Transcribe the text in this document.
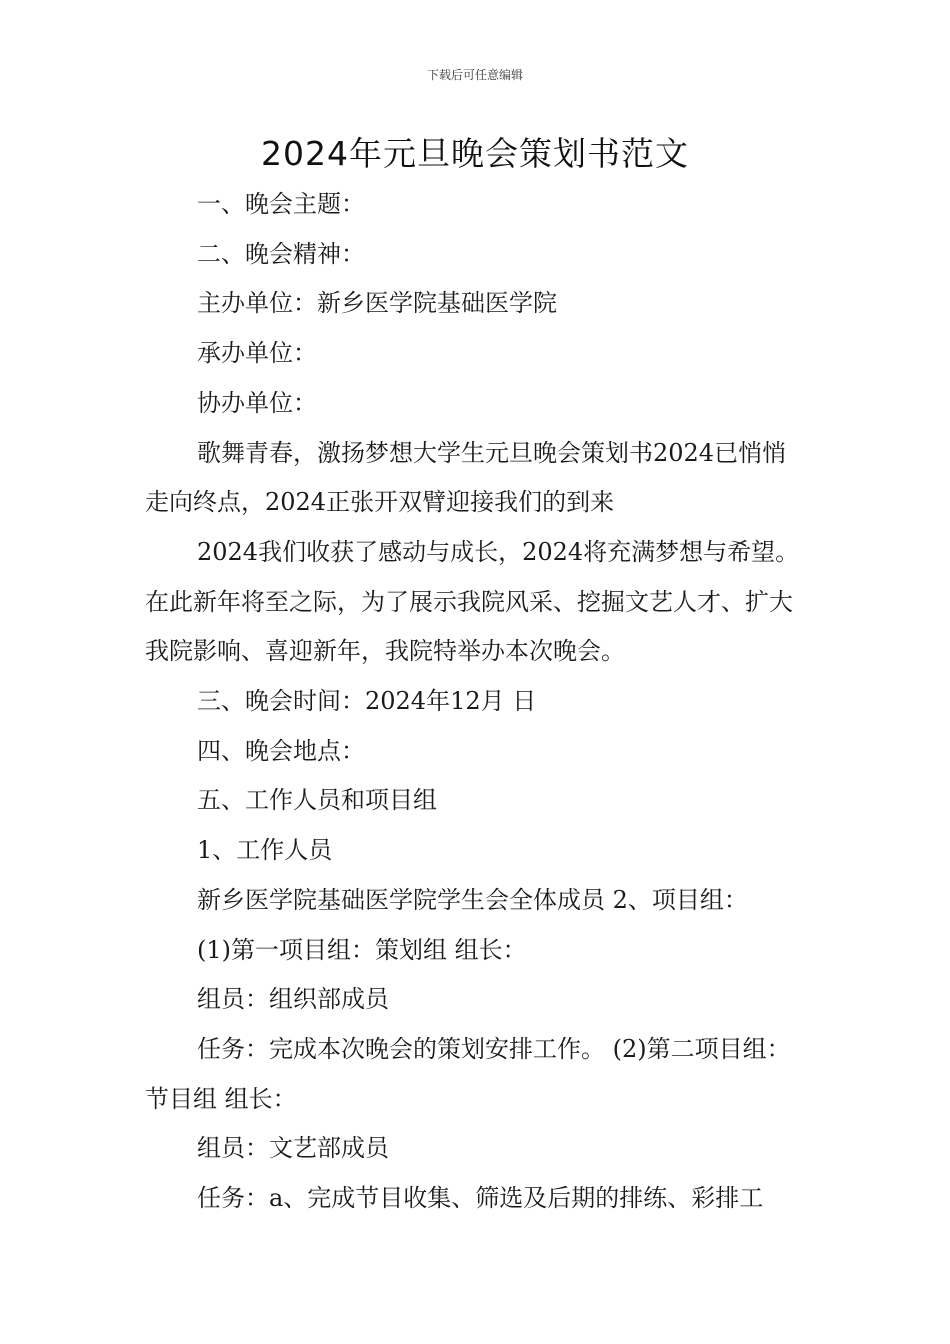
下载后可任意编辑
2024年元旦晚会策划书范文

一、晚会主题：

二、晚会精神：

主办单位：新乡医学院基础医学院

承办单位：

协办单位：

歌舞青春，激扬梦想大学生元旦晚会策划书2024已悄悄走向终点，2024正张开双臂迎接我们的到来

2024我们收获了感动与成长，2024将充满梦想与希望。在此新年将至之际，为了展示我院风采、挖掘文艺人才、扩大我院影响、喜迎新年，我院特举办本次晚会。

三、晚会时间：2024年12月 日

四、晚会地点：

五、工作人员和项目组

1、工作人员

新乡医学院基础医学院学生会全体成员 2、项目组：

(1)第一项目组：策划组 组长：

组员：组织部成员

任务：完成本次晚会的策划安排工作。 (2)第二项目组：节目组 组长：

组员：文艺部成员

任务：a、完成节目收集、筛选及后期的排练、彩排工
